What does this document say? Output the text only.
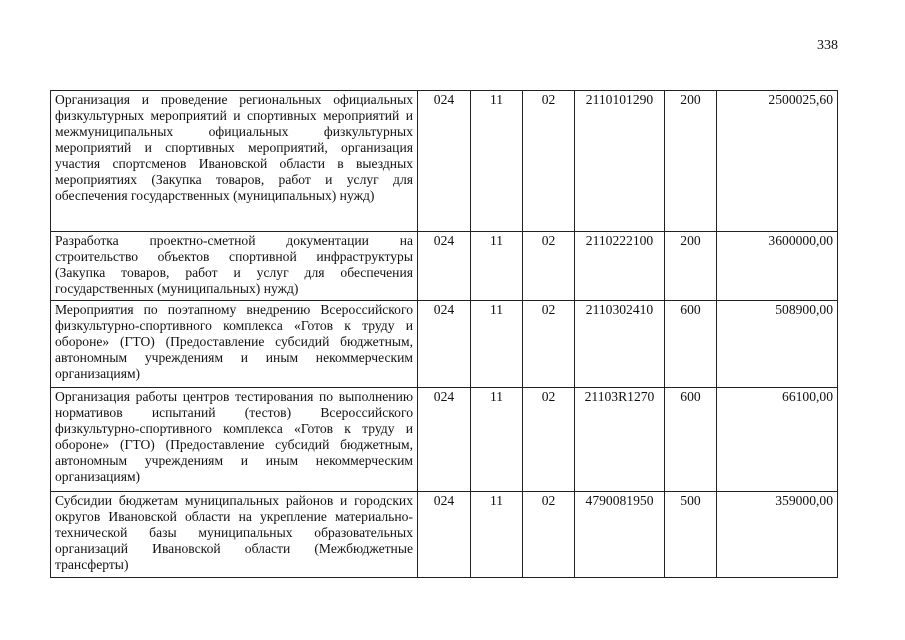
338
Организация и проведение региональных официальных физкультурных мероприятий и спортивных мероприятий и межмуниципальных официальных физкультурных мероприятий и спортивных мероприятий, организация участия спортсменов Ивановской области в выездных мероприятиях (Закупка товаров, работ и услуг для обеспечения государственных (муниципальных) нужд)	024	11	02	2110101290	200	2500025,60
Разработка проектно-сметной документации на строительство объектов спортивной инфраструктуры (Закупка товаров, работ и услуг для обеспечения государственных (муниципальных) нужд)	024	11	02	2110222100	200	3600000,00
Мероприятия по поэтапному внедрению Всероссийского физкультурно-спортивного комплекса «Готов к труду и обороне» (ГТО) (Предоставление субсидий бюджетным, автономным учреждениям и иным некоммерческим организациям)	024	11	02	2110302410	600	508900,00
Организация работы центров тестирования по выполнению нормативов испытаний (тестов) Всероссийского физкультурно-спортивного комплекса «Готов к труду и обороне» (ГТО) (Предоставление субсидий бюджетным, автономным учреждениям и иным некоммерческим организациям)	024	11	02	21103R1270	600	66100,00
Субсидии бюджетам муниципальных районов и городских округов Ивановской области на укрепление материально-технической базы муниципальных образовательных организаций Ивановской области (Межбюджетные трансферты)	024	11	02	4790081950	500	359000,00
